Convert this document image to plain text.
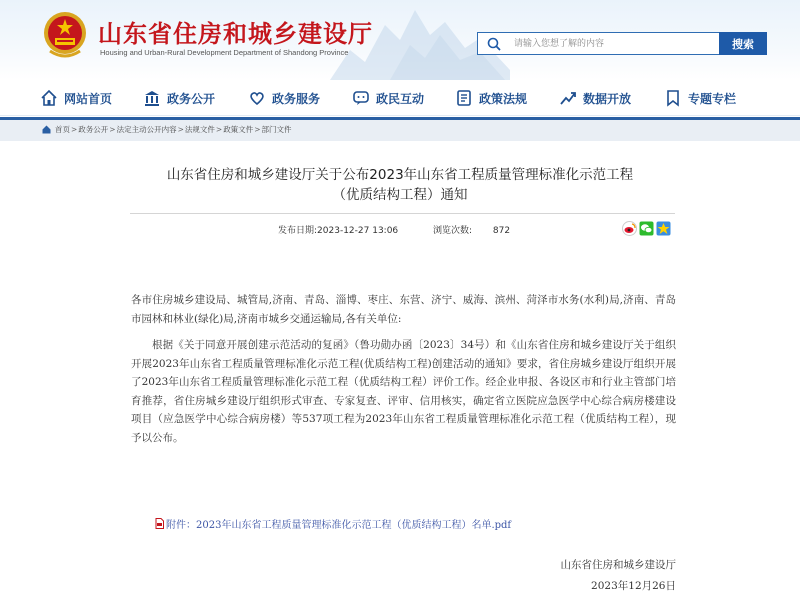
山东省住房和城乡建设厅
Housing and Urban-Rural Development Department of Shandong Province
请输入您想了解的内容
搜索
网站首页	政务公开	政务服务	政民互动	政策法规	数据开放	专题专栏
首页 > 政务公开 > 法定主动公开内容 > 法规文件 > 政策文件 > 部门文件
山东省住房和城乡建设厅关于公布2023年山东省工程质量管理标准化示范工程
（优质结构工程）通知
发布日期:2023-12-27 13:06	浏览次数: 872
各市住房城乡建设局、城管局,济南、青岛、淄博、枣庄、东营、济宁、威海、滨州、菏泽市水务(水利)局,济南、青岛市园林和林业(绿化)局,济南市城乡交通运输局,各有关单位:
根据《关于同意开展创建示范活动的复函》（鲁功勋办函〔2023〕34号）和《山东省住房和城乡建设厅关于组织开展2023年山东省工程质量管理标准化示范工程(优质结构工程)创建活动的通知》要求，省住房城乡建设厅组织开展了2023年山东省工程质量管理标准化示范工程（优质结构工程）评价工作。经企业申报、各设区市和行业主管部门培育推荐，省住房城乡建设厅组织形式审查、专家复查、评审、信用核实，确定省立医院应急医学中心综合病房楼建设项目（应急医学中心综合病房楼）等537项工程为2023年山东省工程质量管理标准化示范工程（优质结构工程），现予以公布。
附件：2023年山东省工程质量管理标准化示范工程（优质结构工程）名单.pdf
山东省住房和城乡建设厅
2023年12月26日
